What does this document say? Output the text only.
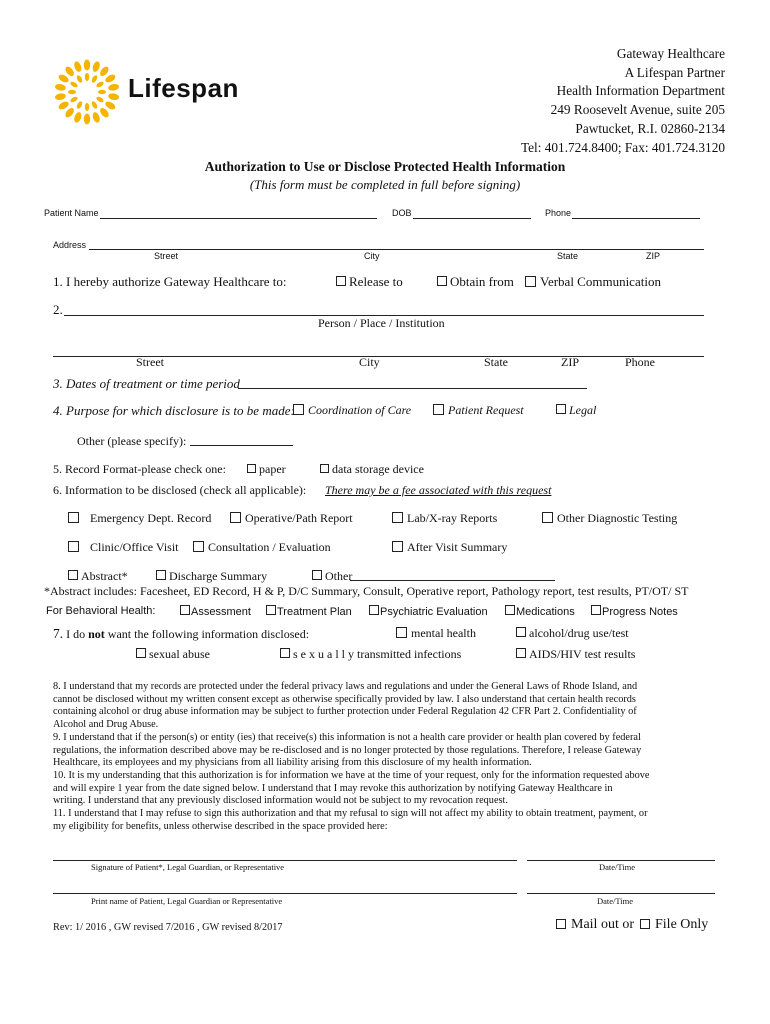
Lifespan
Gateway Healthcare
A Lifespan Partner
Health Information Department
249 Roosevelt Avenue, suite 205
Pawtucket, R.I. 02860-2134
Tel: 401.724.8400; Fax: 401.724.3120
Authorization to Use or Disclose Protected Health Information
(This form must be completed in full before signing)
Patient Name	DOB	Phone
Address
Street	City	State	ZIP
1. I hereby authorize Gateway Healthcare to:	Release to	Obtain from	Verbal Communication
2.
Person / Place / Institution
Street	City	State	ZIP	Phone
3. Dates of treatment or time period
4. Purpose for which disclosure is to be made:	Coordination of Care	Patient Request	Legal
Other (please specify):
5. Record Format-please check one:	paper	data storage device
6. Information to be disclosed (check all applicable): There may be a fee associated with this request
Emergency Dept. Record	Operative/Path Report	Lab/X-ray Reports	Other Diagnostic Testing
Clinic/Office Visit	Consultation / Evaluation	After Visit Summary
Abstract*	Discharge Summary	Other
*Abstract includes: Facesheet, ED Record, H & P, D/C Summary, Consult, Operative report, Pathology report, test results, PT/OT/ ST
For Behavioral Health:	Assessment	Treatment Plan	Psychiatric Evaluation	Medications	Progress Notes
7. I do not want the following information disclosed:	mental health	alcohol/drug use/test
sexual abuse	s e x u a l l y transmitted infections	AIDS/HIV test results
8. I understand that my records are protected under the federal privacy laws and regulations and under the General Laws of Rhode Island, and
cannot be disclosed without my written consent except as otherwise specifically provided by law. I also understand that certain health records
containing alcohol or drug abuse information may be subject to further protection under Federal Regulation 42 CFR Part 2. Confidentiality of
Alcohol and Drug Abuse.
9. I understand that if the person(s) or entity (ies) that receive(s) this information is not a health care provider or health plan covered by federal
regulations, the information described above may be re-disclosed and is no longer protected by those regulations. Therefore, I release Gateway
Healthcare, its employees and my physicians from all liability arising from this disclosure of my health information.
10. It is my understanding that this authorization is for information we have at the time of your request, only for the information requested above
and will expire 1 year from the date signed below. I understand that I may revoke this authorization by notifying Gateway Healthcare in
writing. I understand that any previously disclosed information would not be subject to my revocation request.
11. I understand that I may refuse to sign this authorization and that my refusal to sign will not affect my ability to obtain treatment, payment, or
my eligibility for benefits, unless otherwise described in the space provided here:
Signature of Patient*, Legal Guardian, or Representative	Date/Time
Print name of Patient, Legal Guardian or Representative	Date/Time
Rev: 1/ 2016 , GW revised 7/2016 , GW revised 8/2017	Mail out or	File Only
